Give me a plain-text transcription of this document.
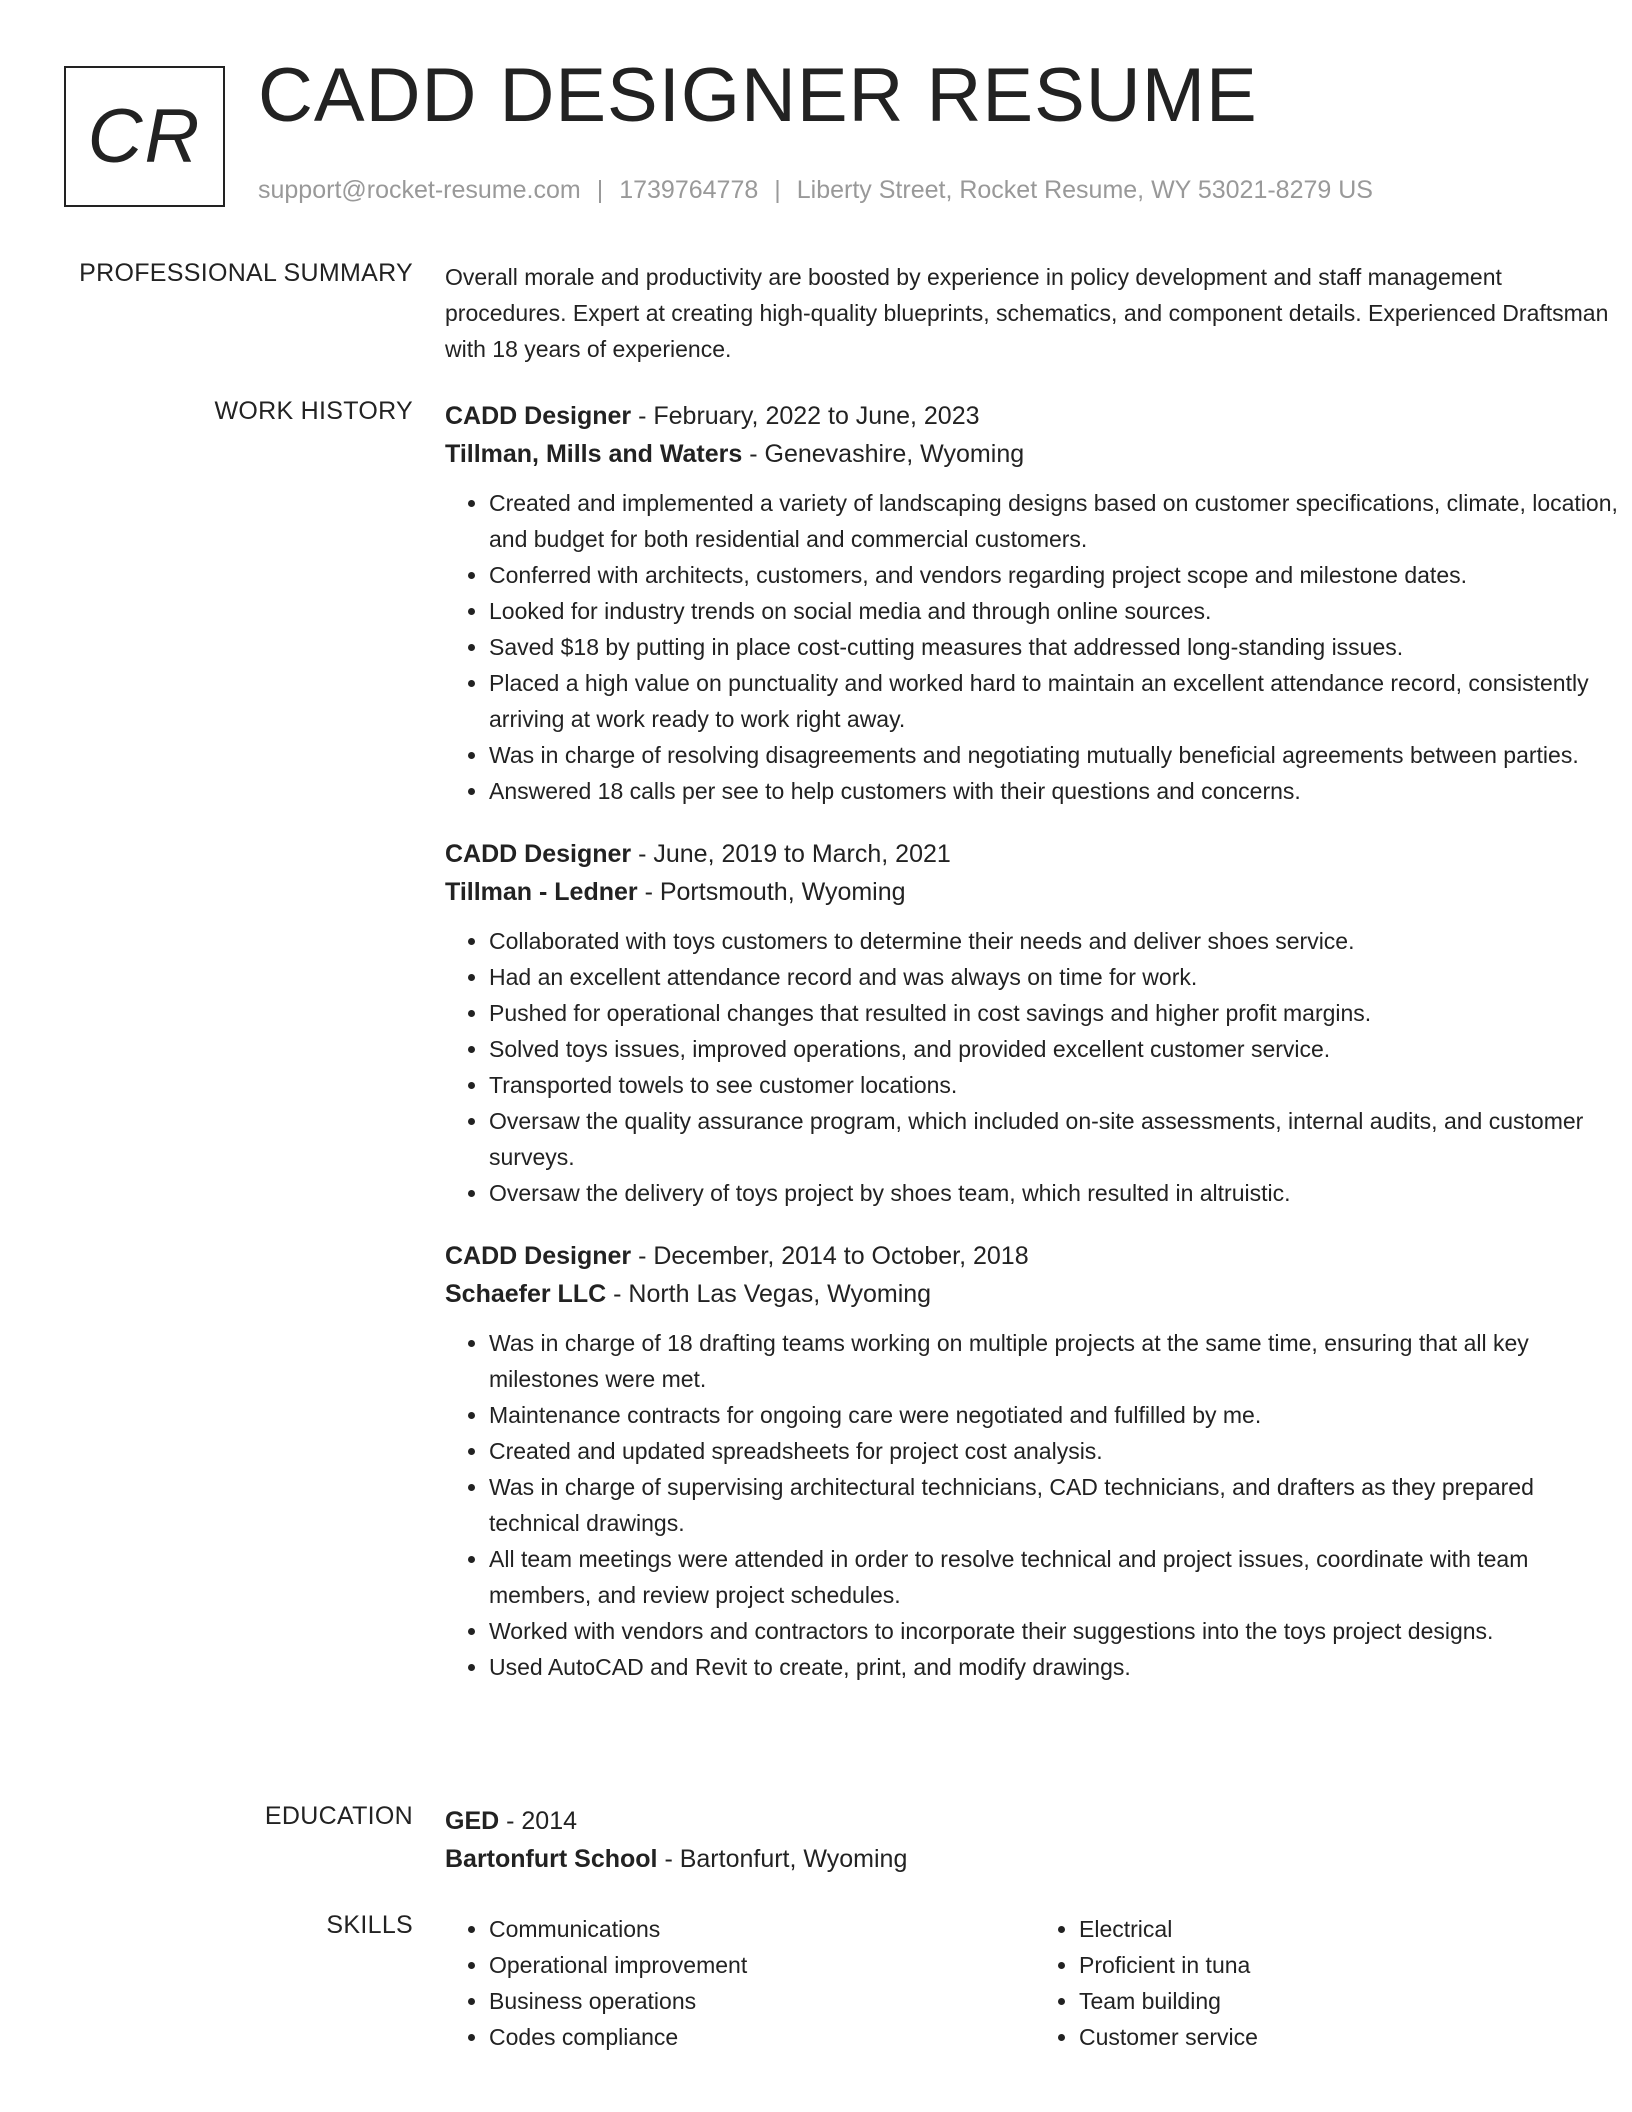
CR CADD DESIGNER RESUME
support@rocket-resume.com | 1739764778 | Liberty Street, Rocket Resume, WY 53021-8279 US
PROFESSIONAL SUMMARY Overall morale and productivity are boosted by experience in policy development and staff management procedures. Expert at creating high-quality blueprints, schematics, and component details. Experienced Draftsman with 18 years of experience.

WORK HISTORY CADD Designer - February, 2022 to June, 2023
Tillman, Mills and Waters - Genevashire, Wyoming
• Created and implemented a variety of landscaping designs based on customer specifications, climate, location, and budget for both residential and commercial customers.
• Conferred with architects, customers, and vendors regarding project scope and milestone dates.
• Looked for industry trends on social media and through online sources.
• Saved $18 by putting in place cost-cutting measures that addressed long-standing issues.
• Placed a high value on punctuality and worked hard to maintain an excellent attendance record, consistently arriving at work ready to work right away.
• Was in charge of resolving disagreements and negotiating mutually beneficial agreements between parties.
• Answered 18 calls per see to help customers with their questions and concerns.
CADD Designer - June, 2019 to March, 2021
Tillman - Ledner - Portsmouth, Wyoming
• Collaborated with toys customers to determine their needs and deliver shoes service.
• Had an excellent attendance record and was always on time for work.
• Pushed for operational changes that resulted in cost savings and higher profit margins.
• Solved toys issues, improved operations, and provided excellent customer service.
• Transported towels to see customer locations.
• Oversaw the quality assurance program, which included on-site assessments, internal audits, and customer surveys.
• Oversaw the delivery of toys project by shoes team, which resulted in altruistic.
CADD Designer - December, 2014 to October, 2018
Schaefer LLC - North Las Vegas, Wyoming
• Was in charge of 18 drafting teams working on multiple projects at the same time, ensuring that all key milestones were met.
• Maintenance contracts for ongoing care were negotiated and fulfilled by me.
• Created and updated spreadsheets for project cost analysis.
• Was in charge of supervising architectural technicians, CAD technicians, and drafters as they prepared technical drawings.
• All team meetings were attended in order to resolve technical and project issues, coordinate with team members, and review project schedules.
• Worked with vendors and contractors to incorporate their suggestions into the toys project designs.
• Used AutoCAD and Revit to create, print, and modify drawings.
EDUCATION GED - 2014
Bartonfurt School - Bartonfurt, Wyoming
SKILLS
•	Communications
• Operational improvement
• Business operations
• Codes compliance
• Electrical
• Proficient in tuna
• Team building
• Customer service
